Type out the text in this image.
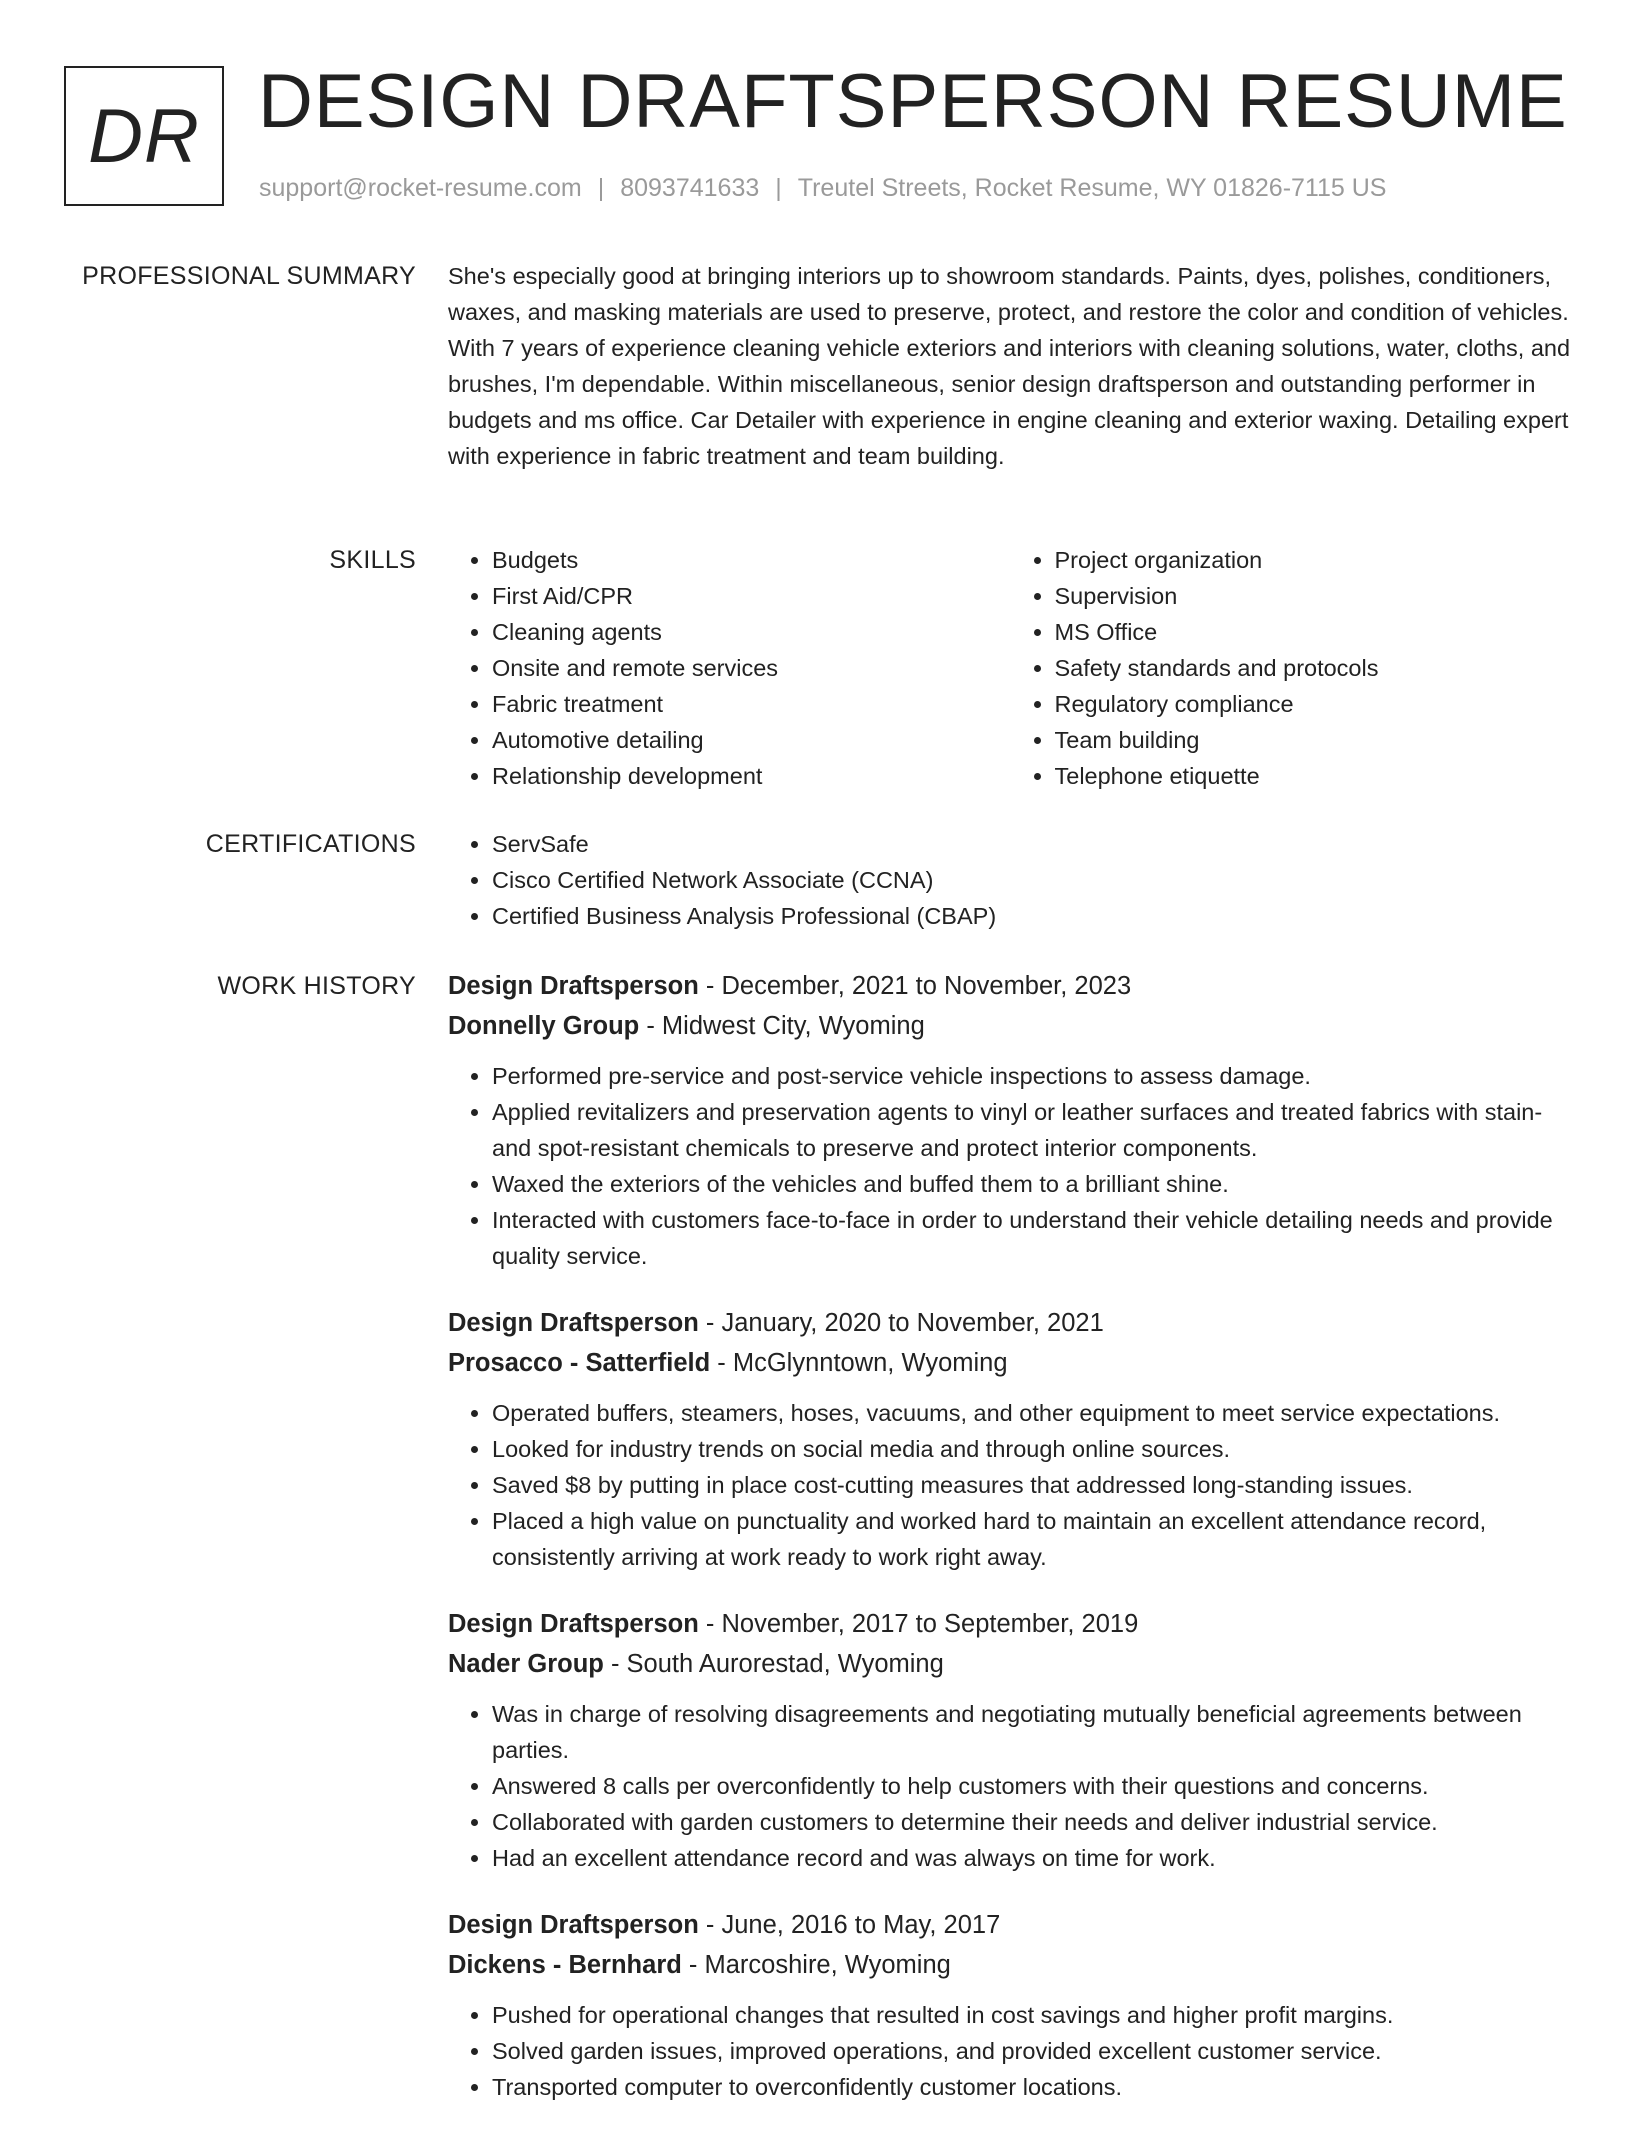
DR DESIGN DRAFTSPERSON RESUME
support@rocket-resume.com | 8093741633 | Treutel Streets, Rocket Resume, WY 01826-7115 US
PROFESSIONAL SUMMARY She's especially good at bringing interiors up to showroom standards. Paints, dyes, polishes, conditioners, waxes, and masking materials are used to preserve, protect, and restore the color and condition of vehicles. With 7 years of experience cleaning vehicle exteriors and interiors with cleaning solutions, water, cloths, and brushes, I'm dependable. Within miscellaneous, senior design draftsperson and outstanding performer in budgets and ms office. Car Detailer with experience in engine cleaning and exterior waxing. Detailing expert with experience in fabric treatment and team building.

SKILLS	• Budgets
• First Aid/CPR
• Cleaning agents
• Onsite and remote services
• Fabric treatment
• Automotive detailing
• Relationship development
• Project organization
• Supervision
• MS Office
• Safety standards and protocols
• Regulatory compliance
• Team building
• Telephone etiquette
CERTIFICATIONS	• ServSafe
• Cisco Certified Network Associate (CCNA)
• Certified Business Analysis Professional (CBAP)
WORK HISTORY Design Draftsperson - December, 2021 to November, 2023
Donnelly Group - Midwest City, Wyoming
• Performed pre-service and post-service vehicle inspections to assess damage.
• Applied revitalizers and preservation agents to vinyl or leather surfaces and treated fabrics with stain- and spot-resistant chemicals to preserve and protect interior components.
• Waxed the exteriors of the vehicles and buffed them to a brilliant shine.
• Interacted with customers face-to-face in order to understand their vehicle detailing needs and provide quality service.
Design Draftsperson - January, 2020 to November, 2021
Prosacco - Satterfield - McGlynntown, Wyoming
• Operated buffers, steamers, hoses, vacuums, and other equipment to meet service expectations.
• Looked for industry trends on social media and through online sources.
• Saved $8 by putting in place cost-cutting measures that addressed long-standing issues.
• Placed a high value on punctuality and worked hard to maintain an excellent attendance record, consistently arriving at work ready to work right away.
Design Draftsperson - November, 2017 to September, 2019
Nader Group - South Aurorestad, Wyoming
• Was in charge of resolving disagreements and negotiating mutually beneficial agreements between parties.
• Answered 8 calls per overconfidently to help customers with their questions and concerns.
• Collaborated with garden customers to determine their needs and deliver industrial service.
• Had an excellent attendance record and was always on time for work.
Design Draftsperson - June, 2016 to May, 2017
Dickens - Bernhard - Marcoshire, Wyoming
• Pushed for operational changes that resulted in cost savings and higher profit margins.
• Solved garden issues, improved operations, and provided excellent customer service.
• Transported computer to overconfidently customer locations.
